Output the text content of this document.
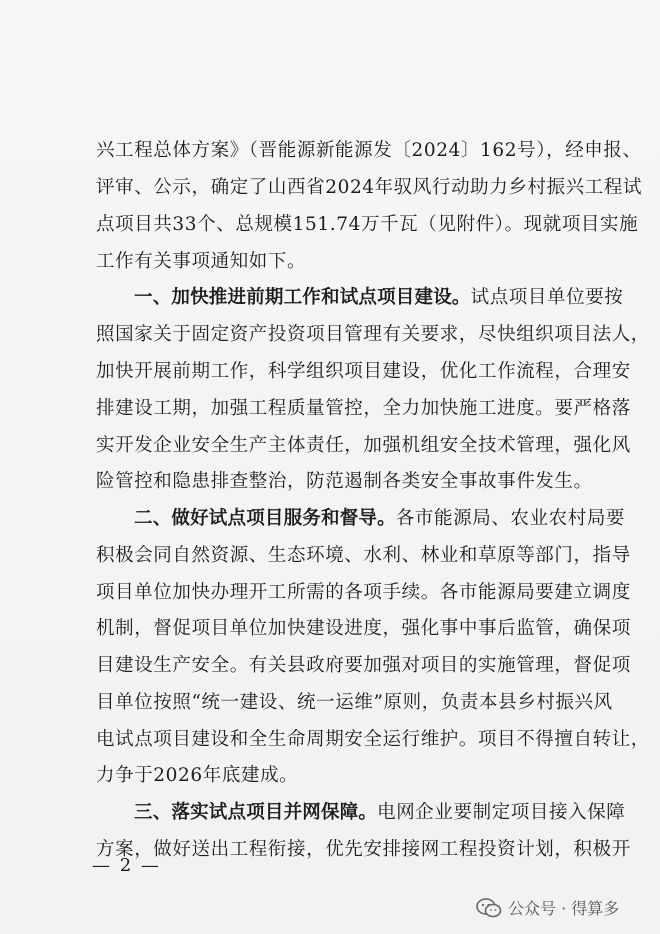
兴工程总体方案》（晋能源新能源发〔2024〕162号），经申报、
评审、公示，确定了山西省2024年驭风行动助力乡村振兴工程试
点项目共33个、总规模151.74万千瓦（见附件）。现就项目实施
工作有关事项通知如下。
一、加快推进前期工作和试点项目建设。试点项目单位要按
照国家关于固定资产投资项目管理有关要求，尽快组织项目法人，
加快开展前期工作，科学组织项目建设，优化工作流程，合理安
排建设工期，加强工程质量管控，全力加快施工进度。要严格落
实开发企业安全生产主体责任，加强机组安全技术管理，强化风
险管控和隐患排查整治，防范遏制各类安全事故事件发生。
二、做好试点项目服务和督导。各市能源局、农业农村局要
积极会同自然资源、生态环境、水利、林业和草原等部门，指导
项目单位加快办理开工所需的各项手续。各市能源局要建立调度
机制，督促项目单位加快建设进度，强化事中事后监管，确保项
目建设生产安全。有关县政府要加强对项目的实施管理，督促项
目单位按照“统一建设、统一运维”原则，负责本县乡村振兴风
电试点项目建设和全生命周期安全运行维护。项目不得擅自转让，
力争于2026年底建成。
三、落实试点项目并网保障。电网企业要制定项目接入保障
方案，做好送出工程衔接，优先安排接网工程投资计划，积极开
— 2 —
公众号 · 得算多
